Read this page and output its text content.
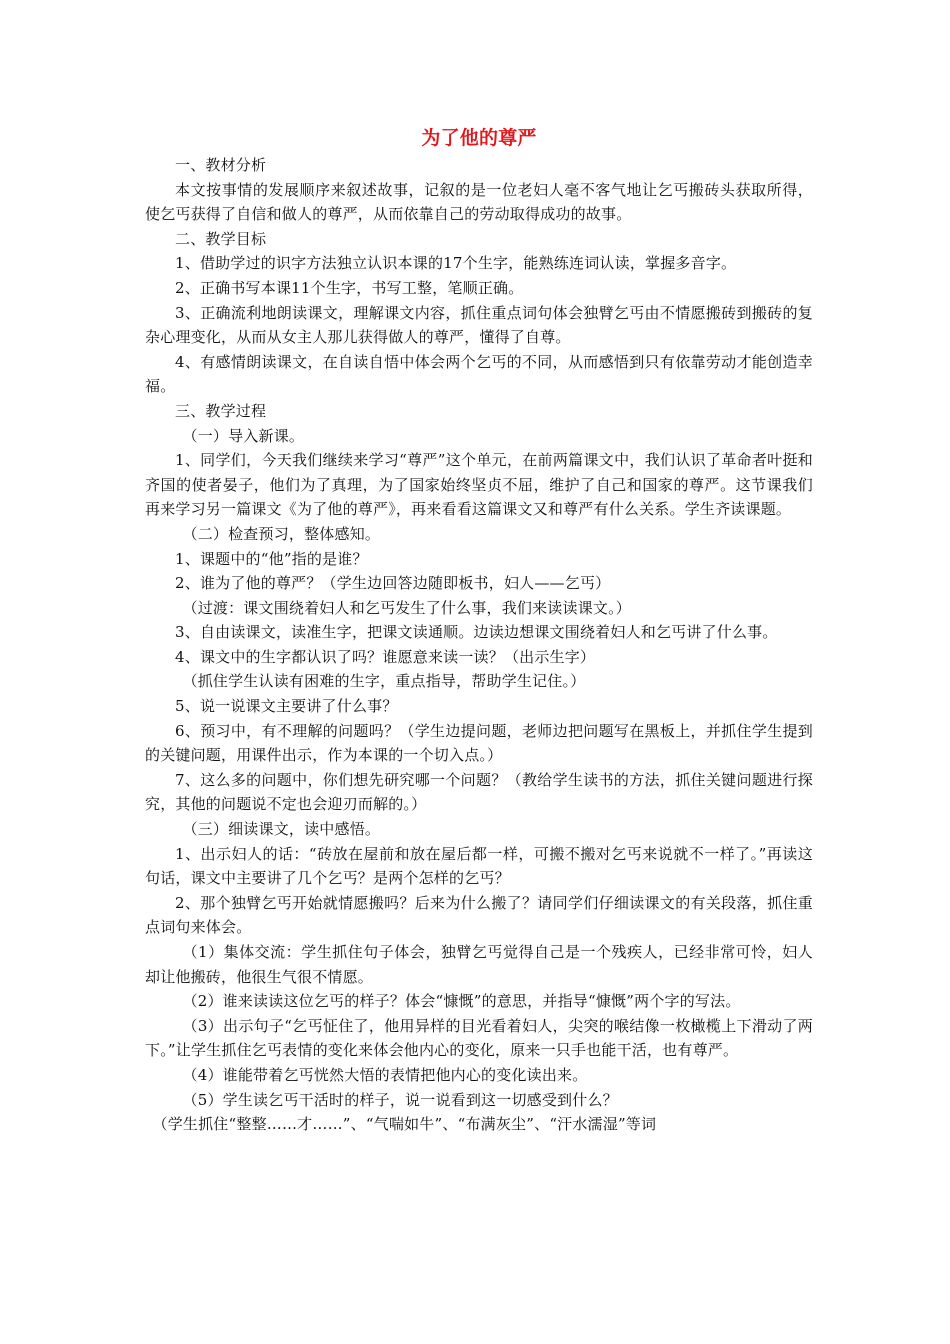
为了他的尊严

一、教材分析

本文按事情的发展顺序来叙述故事，记叙的是一位老妇人毫不客气地让乞丐搬砖头获取所得，使乞丐获得了自信和做人的尊严，从而依靠自己的劳动取得成功的故事。

二、教学目标

1、借助学过的识字方法独立认识本课的17个生字，能熟练连词认读，掌握多音字。

2、正确书写本课11个生字，书写工整，笔顺正确。

3、正确流利地朗读课文，理解课文内容，抓住重点词句体会独臂乞丐由不情愿搬砖到搬砖的复杂心理变化，从而从女主人那儿获得做人的尊严，懂得了自尊。

4、有感情朗读课文，在自读自悟中体会两个乞丐的不同，从而感悟到只有依靠劳动才能创造幸福。

三、教学过程

（一）导入新课。

1、同学们，今天我们继续来学习“尊严”这个单元，在前两篇课文中，我们认识了革命者叶挺和齐国的使者晏子，他们为了真理，为了国家始终坚贞不屈，维护了自己和国家的尊严。这节课我们再来学习另一篇课文《为了他的尊严》，再来看看这篇课文又和尊严有什么关系。学生齐读课题。

（二）检查预习，整体感知。

1、课题中的“他”指的是谁？

2、谁为了他的尊严？（学生边回答边随即板书，妇人——乞丐）

（过渡：课文围绕着妇人和乞丐发生了什么事，我们来读读课文。）

3、自由读课文，读准生字，把课文读通顺。边读边想课文围绕着妇人和乞丐讲了什么事。

4、课文中的生字都认识了吗？谁愿意来读一读？（出示生字）

（抓住学生认读有困难的生字，重点指导，帮助学生记住。）

5、说一说课文主要讲了什么事？

6、预习中，有不理解的问题吗？（学生边提问题，老师边把问题写在黑板上，并抓住学生提到的关键问题，用课件出示，作为本课的一个切入点。）

7、这么多的问题中，你们想先研究哪一个问题？（教给学生读书的方法，抓住关键问题进行探究，其他的问题说不定也会迎刃而解的。）

（三）细读课文，读中感悟。

1、出示妇人的话：“砖放在屋前和放在屋后都一样，可搬不搬对乞丐来说就不一样了。”再读这句话，课文中主要讲了几个乞丐？是两个怎样的乞丐？

2、那个独臂乞丐开始就情愿搬吗？后来为什么搬了？请同学们仔细读课文的有关段落，抓住重点词句来体会。

（1）集体交流：学生抓住句子体会，独臂乞丐觉得自己是一个残疾人，已经非常可怜，妇人却让他搬砖，他很生气很不情愿。

（2）谁来读读这位乞丐的样子？体会“慷慨”的意思，并指导“慷慨”两个字的写法。

（3）出示句子“乞丐怔住了，他用异样的目光看着妇人，尖突的喉结像一枚橄榄上下滑动了两下。”让学生抓住乞丐表情的变化来体会他内心的变化，原来一只手也能干活，也有尊严。

（4）谁能带着乞丐恍然大悟的表情把他内心的变化读出来。

（5）学生读乞丐干活时的样子，说一说看到这一切感受到什么？

（学生抓住“整整……才……”、“气喘如牛”、“布满灰尘”、“汗水濡湿”等词
